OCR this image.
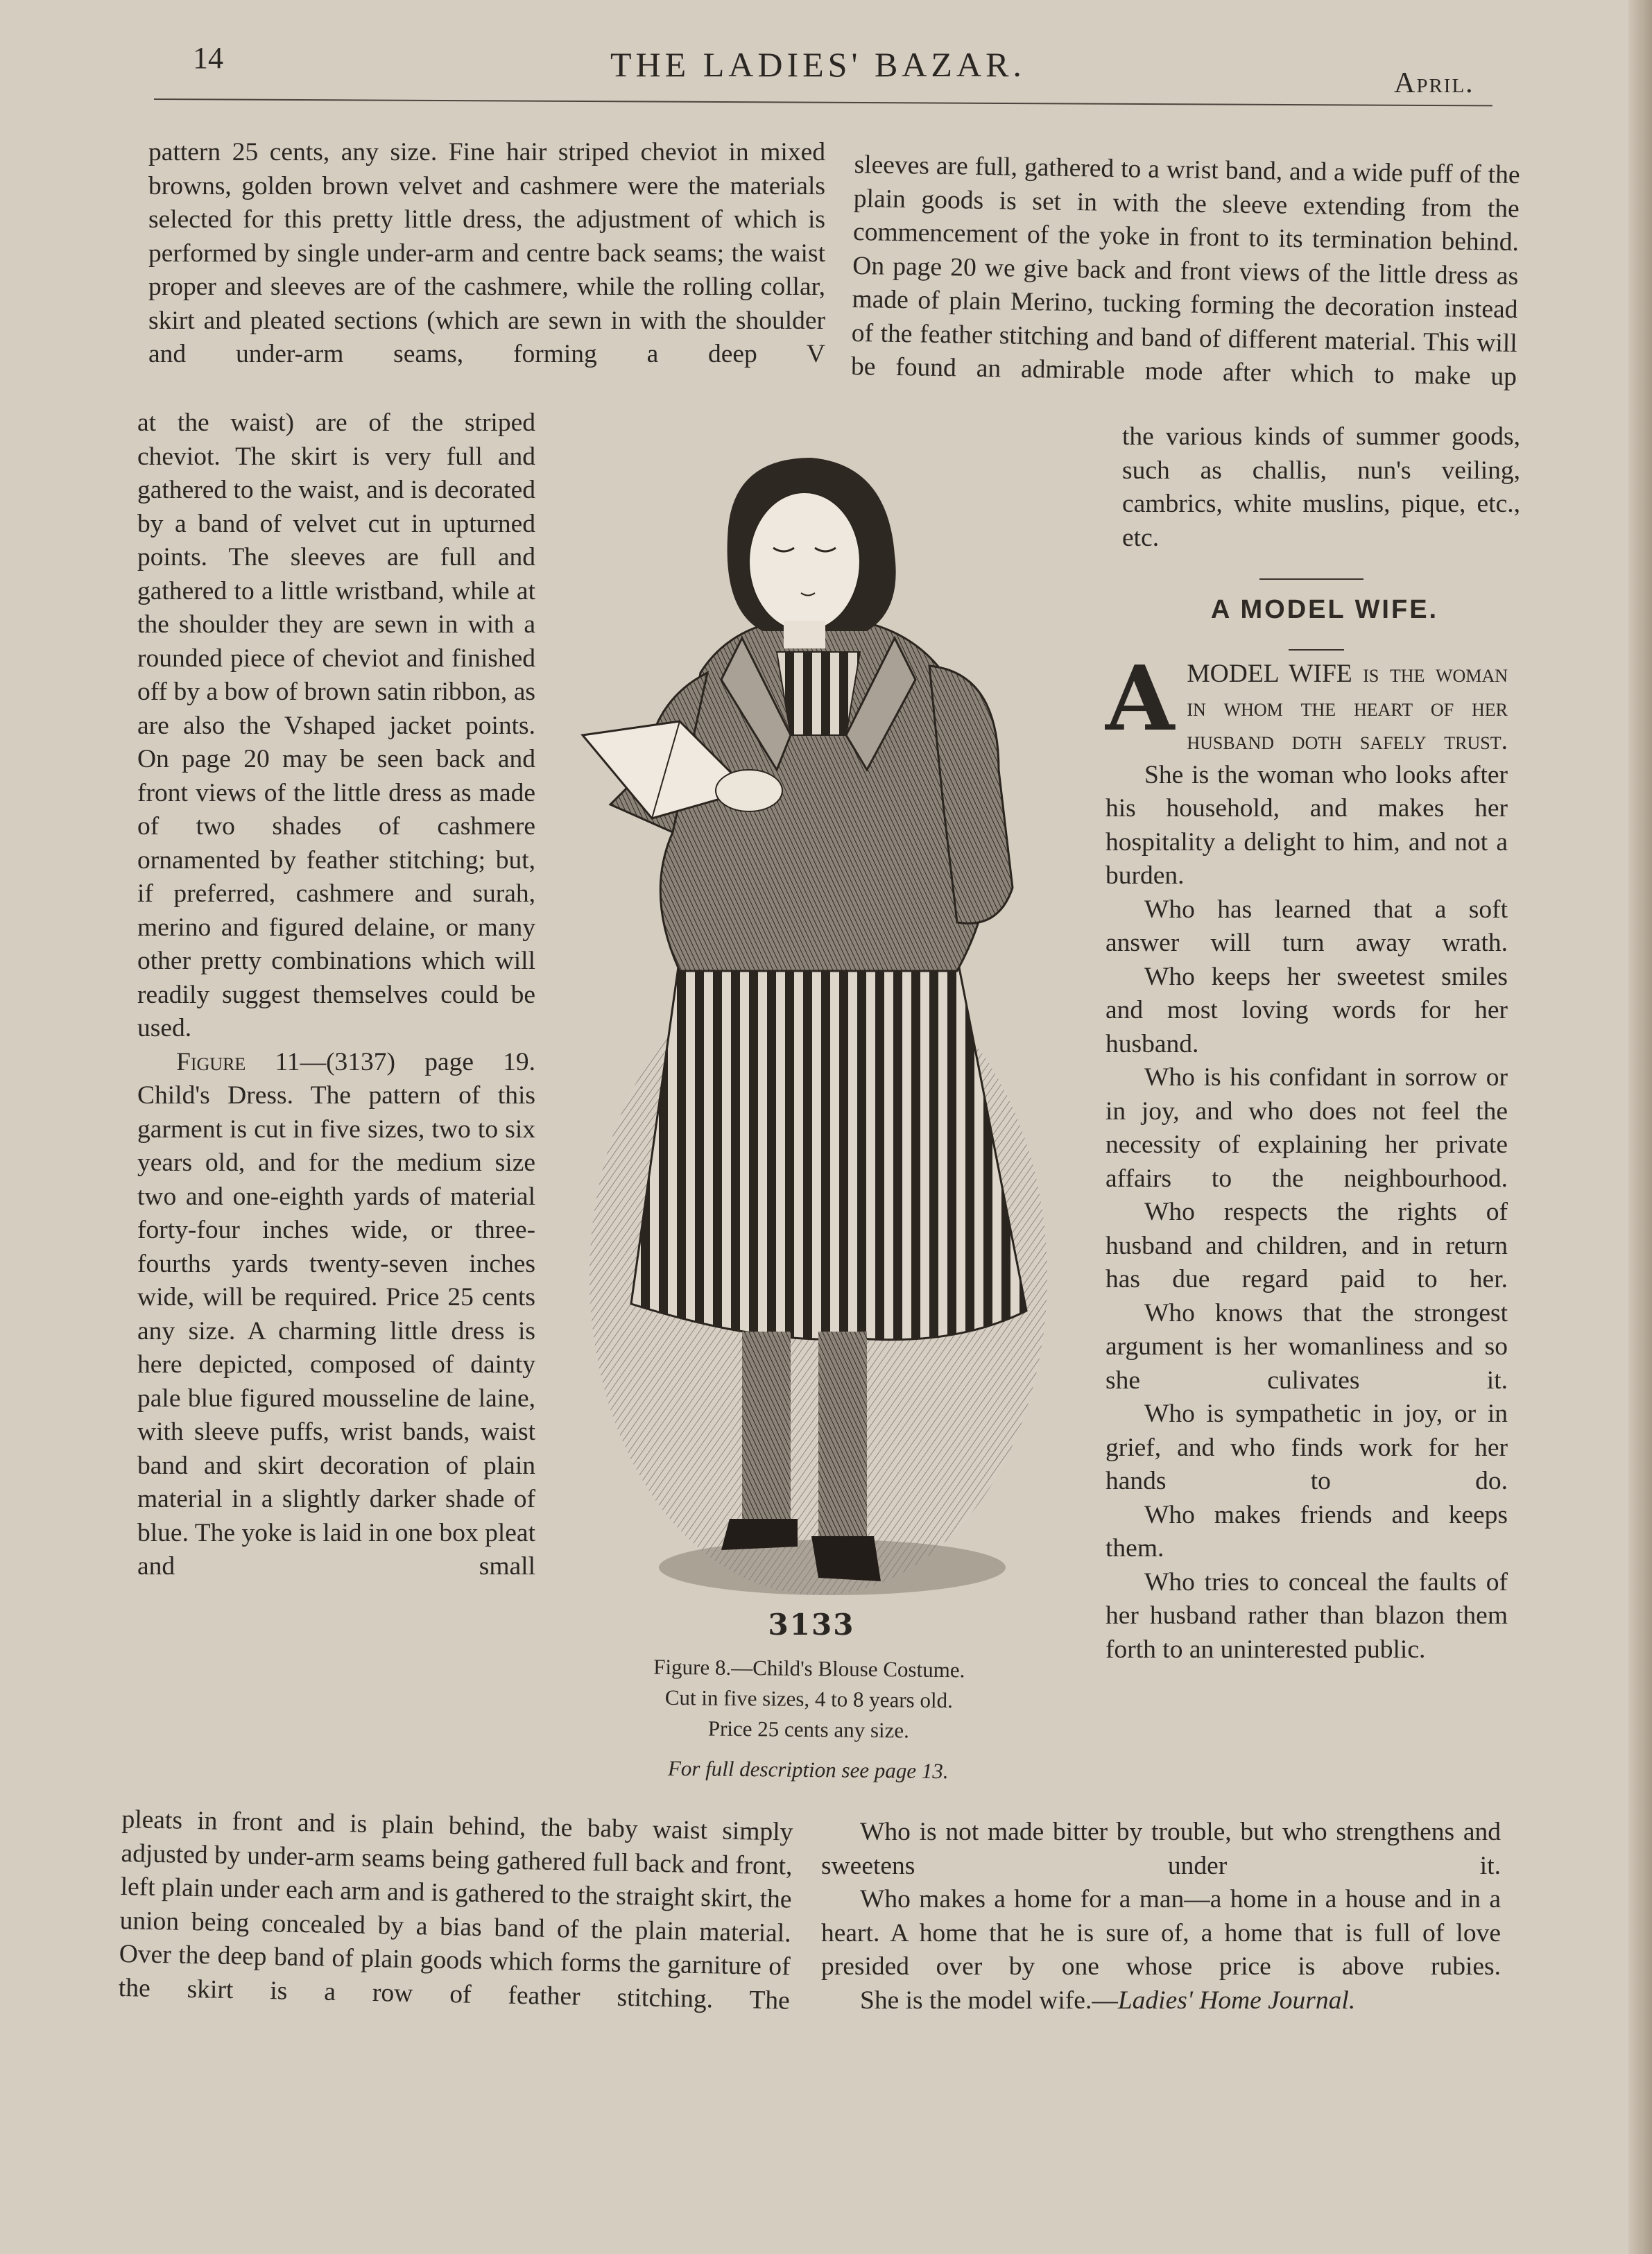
14	THE LADIES' BAZAR.	April.

pattern 25 cents, any size. Fine hair striped cheviot in mixed browns, golden brown velvet and cashmere were the materials selected for this pretty little dress, the adjustment of which is performed by single under-arm and centre back seams; the waist proper and sleeves are of the cashmere, while the rolling collar, skirt and pleated sections (which are sewn in with the shoulder and under-arm seams, forming a deep V

at the waist) are of the striped cheviot. The skirt is very full and gathered to the waist, and is decorated by a band of velvet cut in upturned points. The sleeves are full and gathered to a little wristband, while at the shoulder they are sewn in with a rounded piece of cheviot and finished off by a bow of brown satin ribbon, as are also the Vshaped jacket points. On page 20 may be seen back and front views of the little dress as made of two shades of cashmere ornamented by feather stitching; but, if preferred, cashmere and surah, merino and figured delaine, or many other pretty combinations which will readily suggest themselves could be used.

Figure 11—(3137) page 19. Child's Dress. The pattern of this garment is cut in five sizes, two to six years old, and for the medium size two and one-eighth yards of material forty-four inches wide, or three-fourths yards twenty-seven inches wide, will be required. Price 25 cents any size. A charming little dress is here depicted, composed of dainty pale blue figured mousseline de laine, with sleeve puffs, wrist bands, waist band and skirt decoration of plain material in a slightly darker shade of blue. The yoke is laid in one box pleat and small

pleats in front and is plain behind, the baby waist simply adjusted by under-arm seams being gathered full back and front, left plain under each arm and is gathered to the straight skirt, the union being concealed by a bias band of the plain material. Over the deep band of plain goods which forms the garniture of the skirt is a row of feather stitching. The

3133

Figure 8.—Child's Blouse Costume.

Cut in five sizes, 4 to 8 years old.

Price 25 cents any size.

For full description see page 13.

sleeves are full, gathered to a wrist band, and a wide puff of the plain goods is set in with the sleeve extending from the commencement of the yoke in front to its termination behind. On page 20 we give back and front views of the little dress as made of plain Merino, tucking forming the decoration instead of the feather stitching and band of different material. This will be found an admirable mode after which to make up

the various kinds of summer goods, such as challis, nun's veiling, cambrics, white muslins, pique, etc., etc.

A MODEL WIFE.

AMODEL WIFE is the woman in whom the heart of her husband doth safely trust.

She is the woman who looks after his household, and makes her hospitality a delight to him, and not a burden.

Who has learned that a soft answer will turn away wrath.

Who keeps her sweetest smiles and most loving words for her husband.

Who is his confidant in sorrow or in joy, and who does not feel the necessity of explaining her private affairs to the neighbourhood.

Who respects the rights of husband and children, and in return has due regard paid to her.

Who knows that the strongest argument is her womanliness and so she culivates it.

Who is sympathetic in joy, or in grief, and who finds work for her hands to do.

Who makes friends and keeps them.

Who tries to conceal the faults of her husband rather than blazon them forth to an uninterested public.

Who is not made bitter by trouble, but who strengthens and sweetens under it.

Who makes a home for a man—a home in a house and in a heart. A home that he is sure of, a home that is full of love presided over by one whose price is above rubies.

She is the model wife.—Ladies' Home Journal.
